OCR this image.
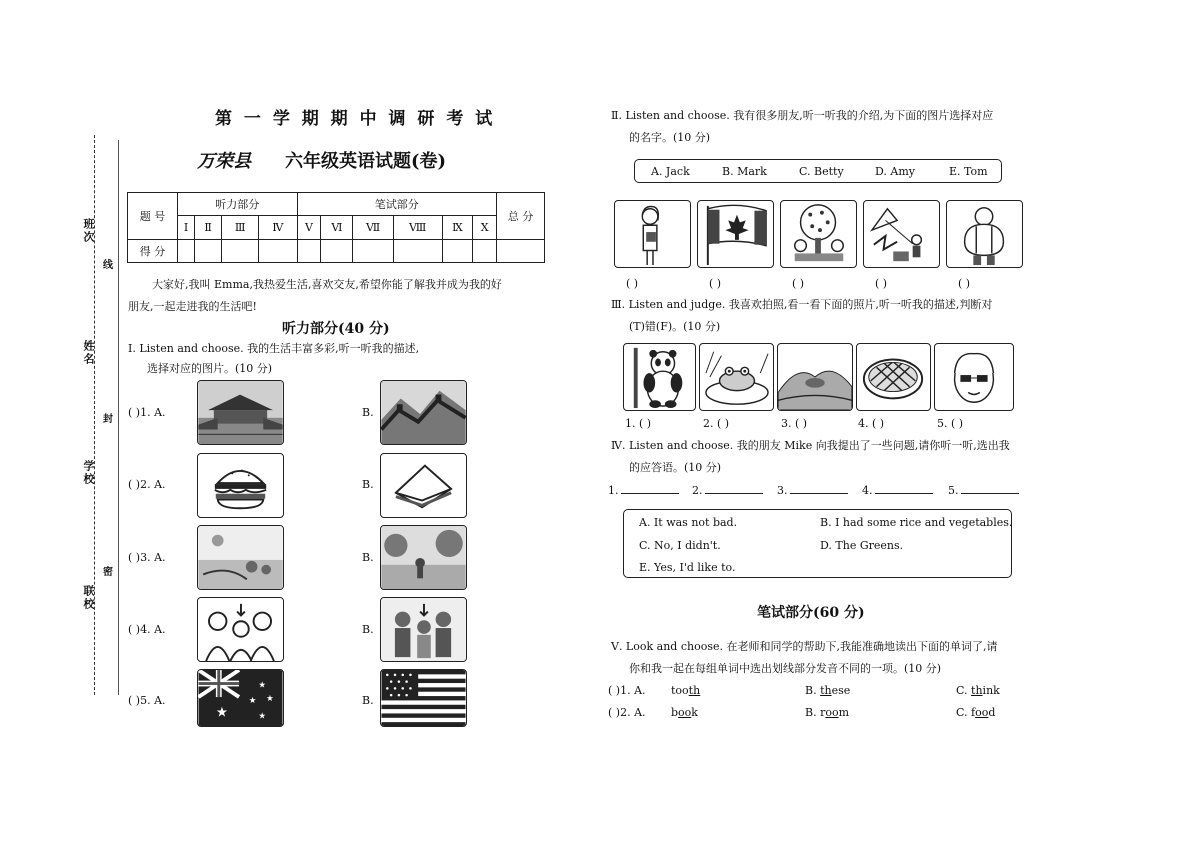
班次
姓名
学校
联校
线
封
密
第 一 学 期 期 中 调 研 考 试
万荣县 六年级英语试题(卷)
题 号	听力部分				笔试部分						总 分
	Ⅰ	Ⅱ	Ⅲ	Ⅳ	Ⅴ	Ⅵ	Ⅶ	Ⅷ	Ⅸ	Ⅹ	
得 分											
大家好,我叫 Emma,我热爱生活,喜欢交友,希望你能了解我并成为我的好
朋友,一起走进我的生活吧!
听力部分(40 分)
Ⅰ. Listen and choose. 我的生活丰富多彩,听一听我的描述,
选择对应的图片。(10 分)
( )1. A.	B.
( )2. A.	B.
( )3. A.	B.
( )4. A.	B.
( )5. A.	B.
★
★
★
★
★
Ⅱ. Listen and choose. 我有很多朋友,听一听我的介绍,为下面的图片选择对应
的名字。(10 分)
A. Jack	B. Mark	C. Betty	D. Amy	E. Tom
( )	( )	( )	( )	( )
Ⅲ. Listen and judge. 我喜欢拍照,看一看下面的照片,听一听我的描述,判断对
(T)错(F)。(10 分)
1. ( )	2. ( )	3. ( )	4. ( )	5. ( )
Ⅳ. Listen and choose. 我的朋友 Mike 向我提出了一些问题,请你听一听,选出我
的应答语。(10 分)
1.	2.	3.	4.	5.
A. It was not bad.	B. I had some rice and vegetables.
C. No, I didn't.	D. The Greens.
E. Yes, I'd like to.
笔试部分(60 分)
Ⅴ. Look and choose. 在老师和同学的帮助下,我能准确地读出下面的单词了,请
你和我一起在每组单词中选出划线部分发音不同的一项。(10 分)
( )1. A. tooth	B. these	C. think
( )2. A. book	B. room	C. food
